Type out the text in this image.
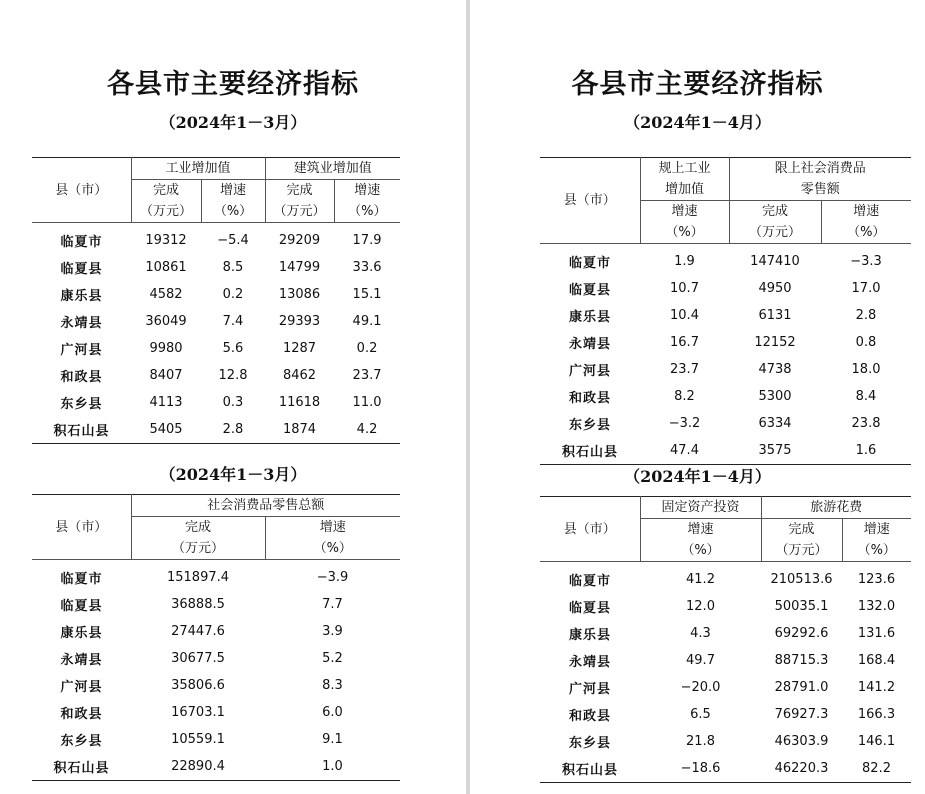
各县市主要经济指标
（2024年1－3月）
县（市）	工业增加值		建筑业增加值	

	完成
（万元）	增速
（%）	完成
（万元）	增速
（%）

临夏市	19312	−5.4	29209	17.9
临夏县	10861	8.5	14799	33.6
康乐县	4582	0.2	13086	15.1
永靖县	36049	7.4	29393	49.1
广河县	9980	5.6	1287	0.2
和政县	8407	12.8	8462	23.7
东乡县	4113	0.3	11618	11.0
积石山县	5405	2.8	1874	4.2
（2024年1－3月）
县（市）	社会消费品零售总额	

	完成
（万元）	增速
（%）

临夏市	151897.4	−3.9
临夏县	36888.5	7.7
康乐县	27447.6	3.9
永靖县	30677.5	5.2
广河县	35806.6	8.3
和政县	16703.1	6.0
东乡县	10559.1	9.1
积石山县	22890.4	1.0
各县市主要经济指标
（2024年1－4月）
县（市）	规上工业
增加值	限上社会消费品
零售额	

	增速
（%）	完成
（万元）	增速
（%）

临夏市	1.9	147410	−3.3
临夏县	10.7	4950	17.0
康乐县	10.4	6131	2.8
永靖县	16.7	12152	0.8
广河县	23.7	4738	18.0
和政县	8.2	5300	8.4
东乡县	−3.2	6334	23.8
积石山县	47.4	3575	1.6
（2024年1－4月）
县（市）	固定资产投资	旅游花费	

	增速
（%）	完成
（万元）	增速
（%）

临夏市	41.2	210513.6	123.6
临夏县	12.0	50035.1	132.0
康乐县	4.3	69292.6	131.6
永靖县	49.7	88715.3	168.4
广河县	−20.0	28791.0	141.2
和政县	6.5	76927.3	166.3
东乡县	21.8	46303.9	146.1
积石山县	−18.6	46220.3	82.2
